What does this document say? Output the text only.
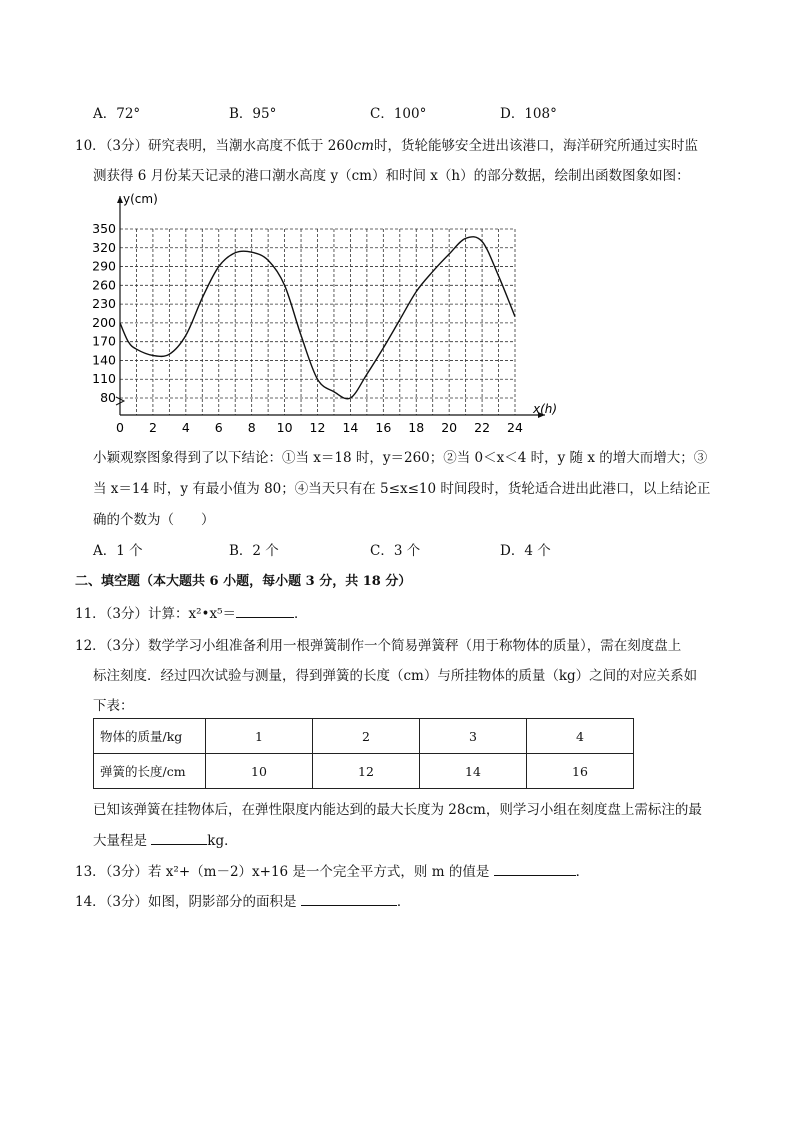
A．72°	B．95°	C．100°	D．108°
10．（3分）研究表明，当潮水高度不低于 260cm时，货轮能够安全进出该港口，海洋研究所通过实时监
测获得 6 月份某天记录的港口潮水高度 y（cm）和时间 x（h）的部分数据，绘制出函数图象如图：
0 2 4 6 8 10 12 14 16 18 20 22 24
80
110
140
170
200
230
260
290
320
350
x(h)
y(cm)
小颖观察图象得到了以下结论：①当 x＝18 时，y＝260；②当 0＜x＜4 时，y 随 x 的增大而增大；③
当 x＝14 时，y 有最小值为 80；④当天只有在 5≤x≤10 时间段时，货轮适合进出此港口，以上结论正
确的个数为（　　）
A．1 个	B．2 个	C．3 个	D．4 个
二、填空题（本大题共 6 小题，每小题 3 分，共 18 分）
11．（3分）计算：x²•x⁵＝	．
12．（3分）数学学习小组准备利用一根弹簧制作一个简易弹簧秤（用于称物体的质量），需在刻度盘上
标注刻度．经过四次试验与测量，得到弹簧的长度（cm）与所挂物体的质量（kg）之间的对应关系如
下表：
物体的质量/kg	1	2	3	4
弹簧的长度/cm	10	12	14	16
已知该弹簧在挂物体后，在弹性限度内能达到的最大长度为 28cm，则学习小组在刻度盘上需标注的最
大量程是	kg．
13．（3分）若 x²+（m－2）x+16 是一个完全平方式，则 m 的值是	．
14．（3分）如图，阴影部分的面积是	．
